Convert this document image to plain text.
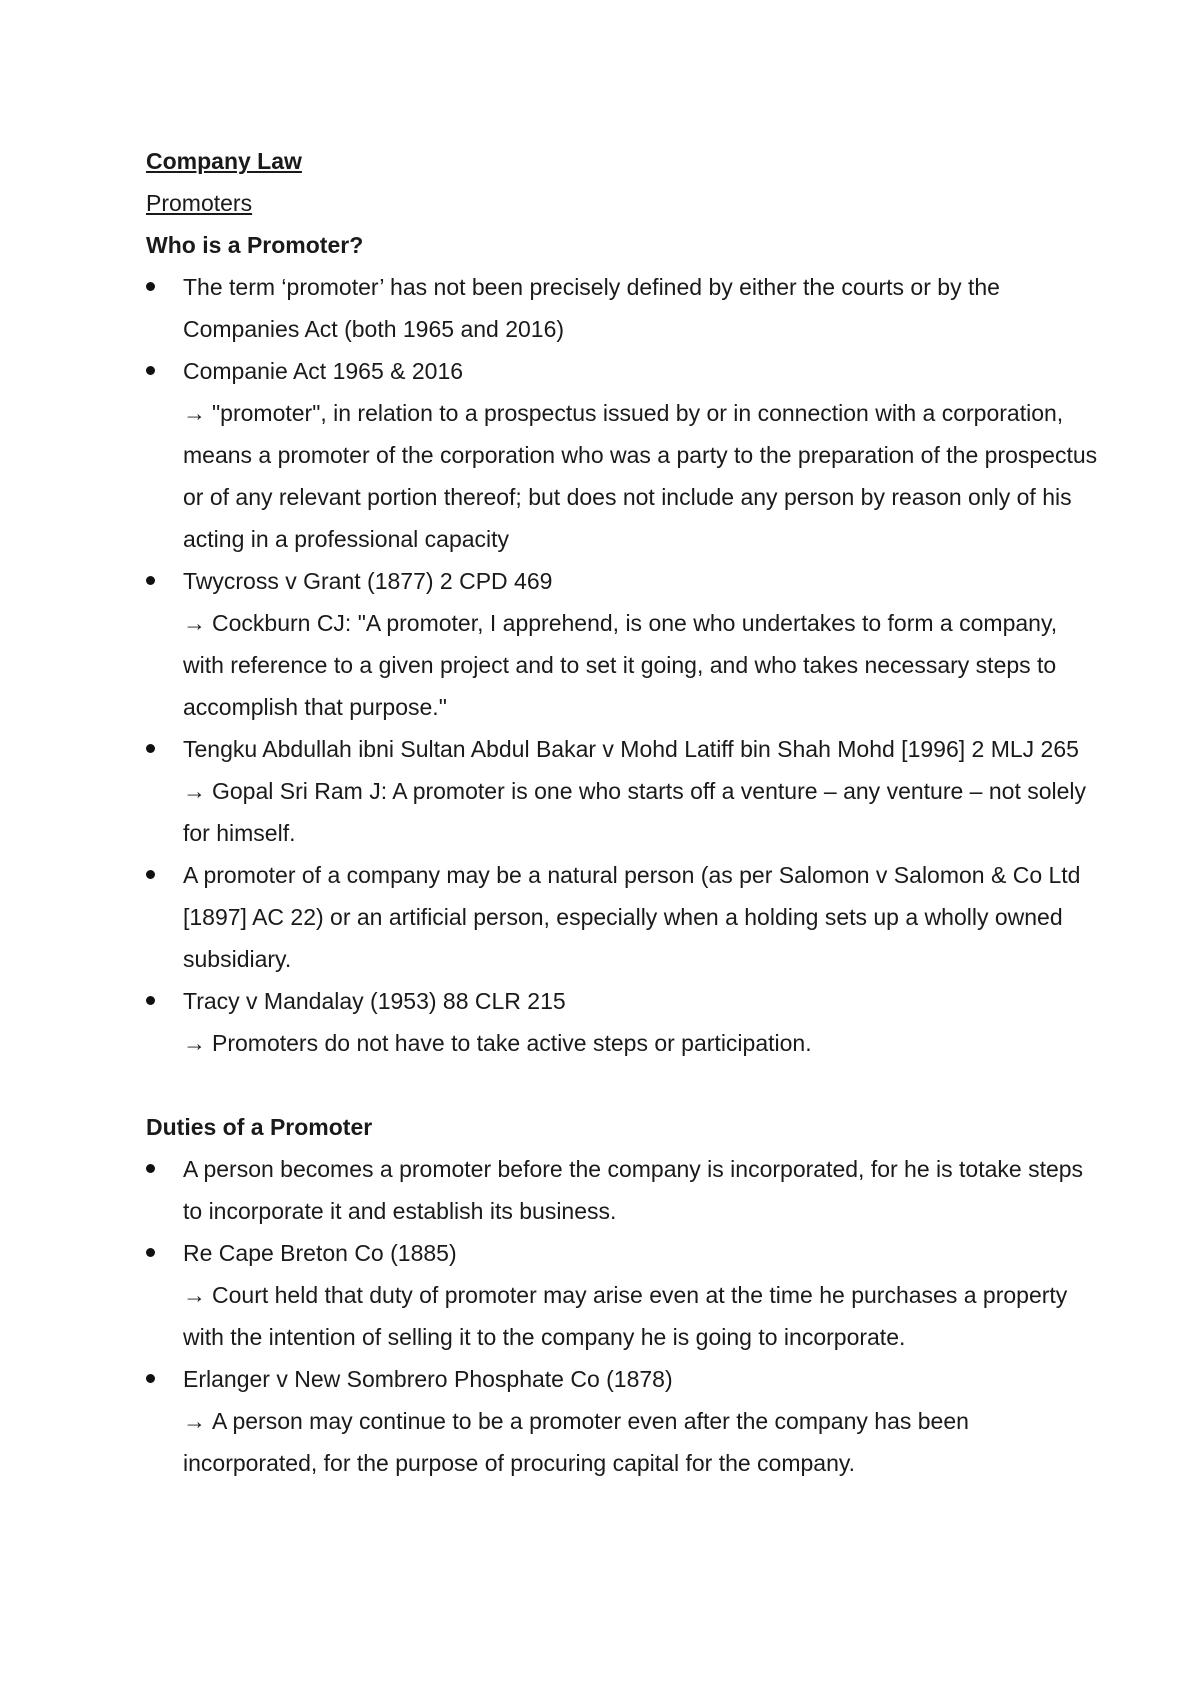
Company Law

Promoters

Who is a Promoter?

The term ‘promoter’ has not been precisely defined by either the courts or by the Companies Act (both 1965 and 2016)
Companie Act 1965 & 2016
→ "promoter", in relation to a prospectus issued by or in connection with a corporation, means a promoter of the corporation who was a party to the preparation of the prospectus or of any relevant portion thereof; but does not include any person by reason only of his acting in a professional capacity
Twycross v Grant (1877) 2 CPD 469
→ Cockburn CJ: "A promoter, I apprehend, is one who undertakes to form a company, with reference to a given project and to set it going, and who takes necessary steps to accomplish that purpose."
Tengku Abdullah ibni Sultan Abdul Bakar v Mohd Latiff bin Shah Mohd [1996] 2 MLJ 265
→ Gopal Sri Ram J: A promoter is one who starts off a venture – any venture – not solely for himself.
A promoter of a company may be a natural person (as per Salomon v Salomon & Co Ltd [1897] AC 22) or an artificial person, especially when a holding sets up a wholly owned subsidiary.
Tracy v Mandalay (1953) 88 CLR 215
→ Promoters do not have to take active steps or participation.

Duties of a Promoter

A person becomes a promoter before the company is incorporated, for he is totake steps to incorporate it and establish its business.
Re Cape Breton Co (1885)
→ Court held that duty of promoter may arise even at the time he purchases a property with the intention of selling it to the company he is going to incorporate.
Erlanger v New Sombrero Phosphate Co (1878)
→ A person may continue to be a promoter even after the company has been incorporated, for the purpose of procuring capital for the company.
